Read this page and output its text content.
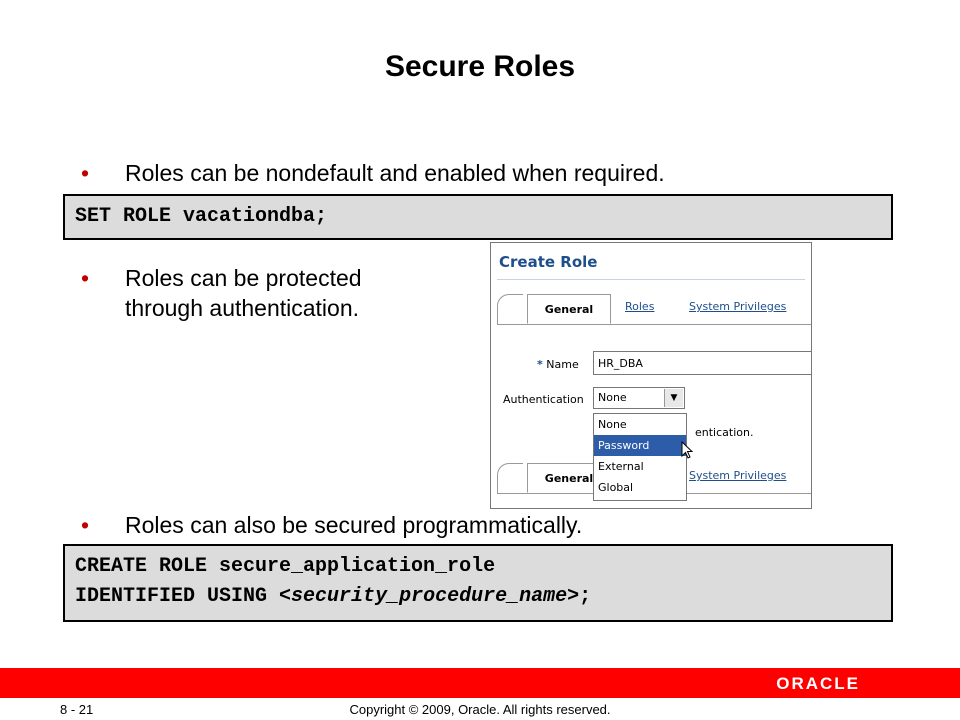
Secure Roles
• Roles can be nondefault and enabled when required.
SET ROLE vacationdba;
• Roles can be protected
through authentication.
Create Role
General	Roles	System Privileges
* Name	HR_DBA
Authentication	None	▼
entication.
General	System Privileges
None
Password
External
Global
• Roles can also be secured programmatically.
CREATE ROLE secure_application_role
IDENTIFIED USING <security_procedure_name>;
ORACLE
8 - 21	Copyright © 2009, Oracle. All rights reserved.
